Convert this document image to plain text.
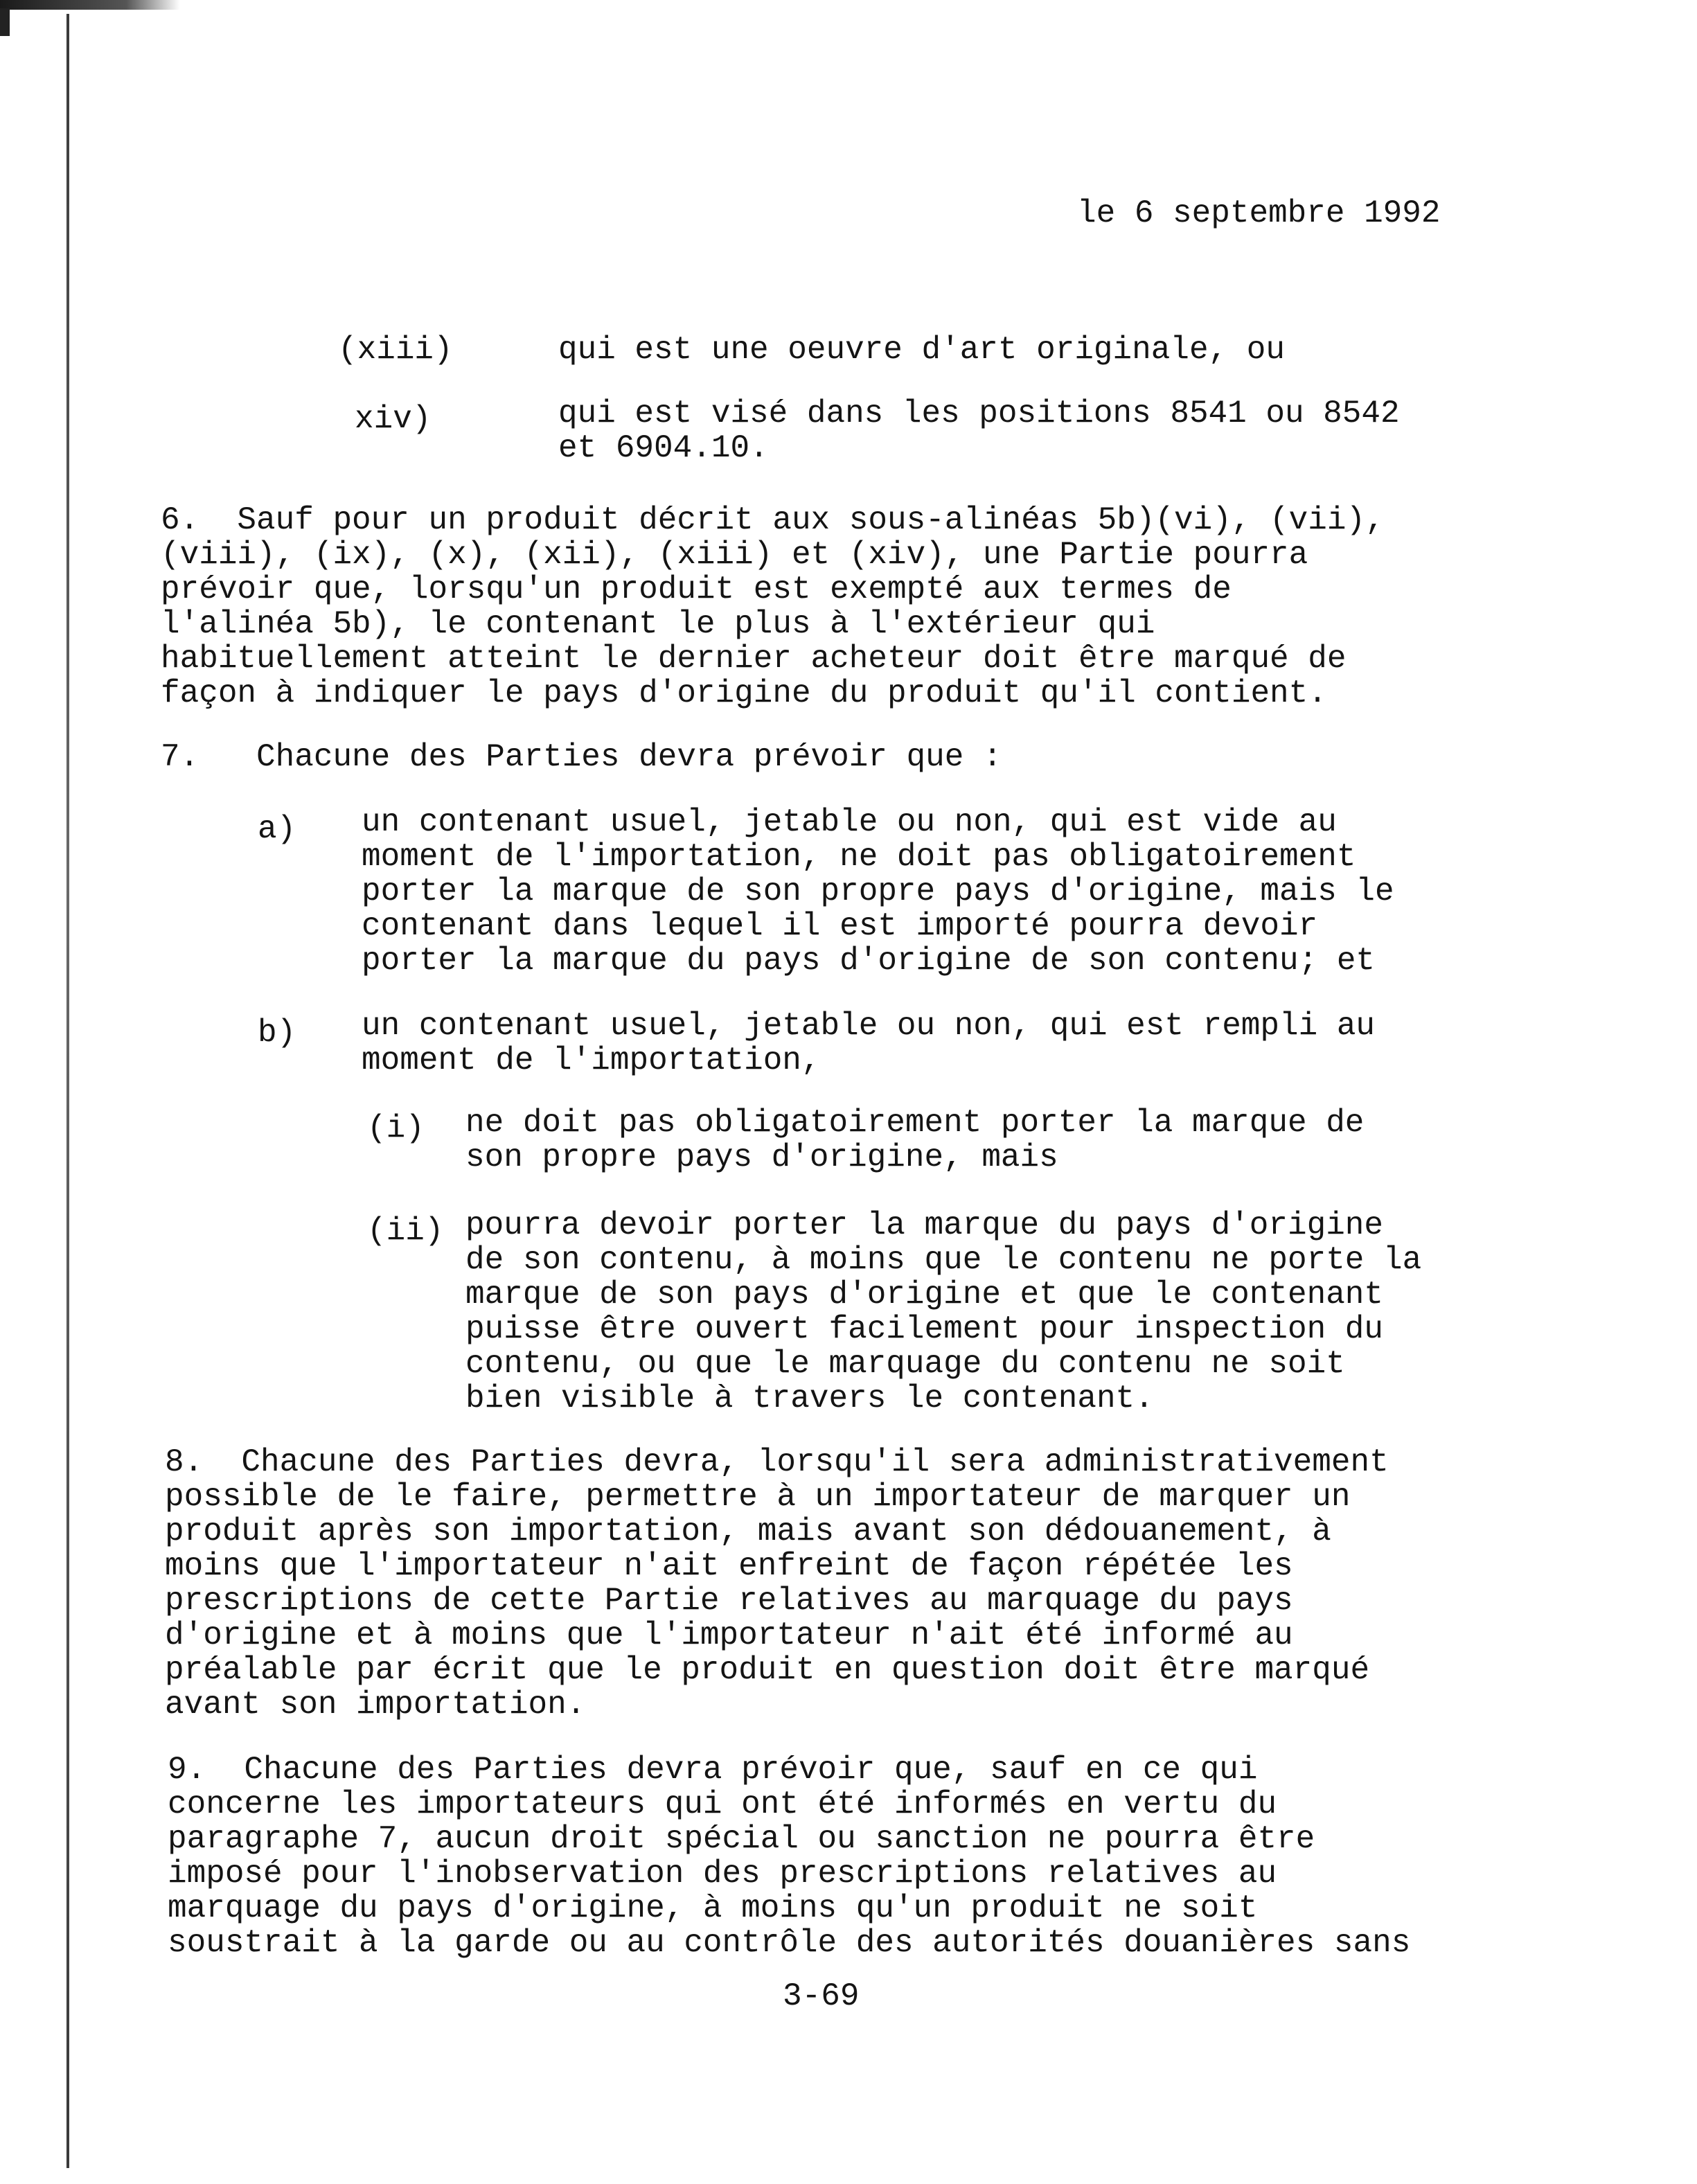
le 6 septembre 1992
(xiii)	qui est une oeuvre d'art originale, ou
xiv)	qui est visé dans les positions 8541 ou 8542
et 6904.10.
6.  Sauf pour un produit décrit aux sous-alinéas 5b)(vi), (vii),
(viii), (ix), (x), (xii), (xiii) et (xiv), une Partie pourra
prévoir que, lorsqu'un produit est exempté aux termes de
l'alinéa 5b), le contenant le plus à l'extérieur qui
habituellement atteint le dernier acheteur doit être marqué de
façon à indiquer le pays d'origine du produit qu'il contient.
7.   Chacune des Parties devra prévoir que :
a) un contenant usuel, jetable ou non, qui est vide au
moment de l'importation, ne doit pas obligatoirement
porter la marque de son propre pays d'origine, mais le
contenant dans lequel il est importé pourra devoir
porter la marque du pays d'origine de son contenu; et
b) un contenant usuel, jetable ou non, qui est rempli au
moment de l'importation,
(i) ne doit pas obligatoirement porter la marque de
son propre pays d'origine, mais
(ii) pourra devoir porter la marque du pays d'origine
de son contenu, à moins que le contenu ne porte la
marque de son pays d'origine et que le contenant
puisse être ouvert facilement pour inspection du
contenu, ou que le marquage du contenu ne soit
bien visible à travers le contenant.
8.  Chacune des Parties devra, lorsqu'il sera administrativement
possible de le faire, permettre à un importateur de marquer un
produit après son importation, mais avant son dédouanement, à
moins que l'importateur n'ait enfreint de façon répétée les
prescriptions de cette Partie relatives au marquage du pays
d'origine et à moins que l'importateur n'ait été informé au
préalable par écrit que le produit en question doit être marqué
avant son importation.
9.  Chacune des Parties devra prévoir que, sauf en ce qui
concerne les importateurs qui ont été informés en vertu du
paragraphe 7, aucun droit spécial ou sanction ne pourra être
imposé pour l'inobservation des prescriptions relatives au
marquage du pays d'origine, à moins qu'un produit ne soit
soustrait à la garde ou au contrôle des autorités douanières sans
3-69
